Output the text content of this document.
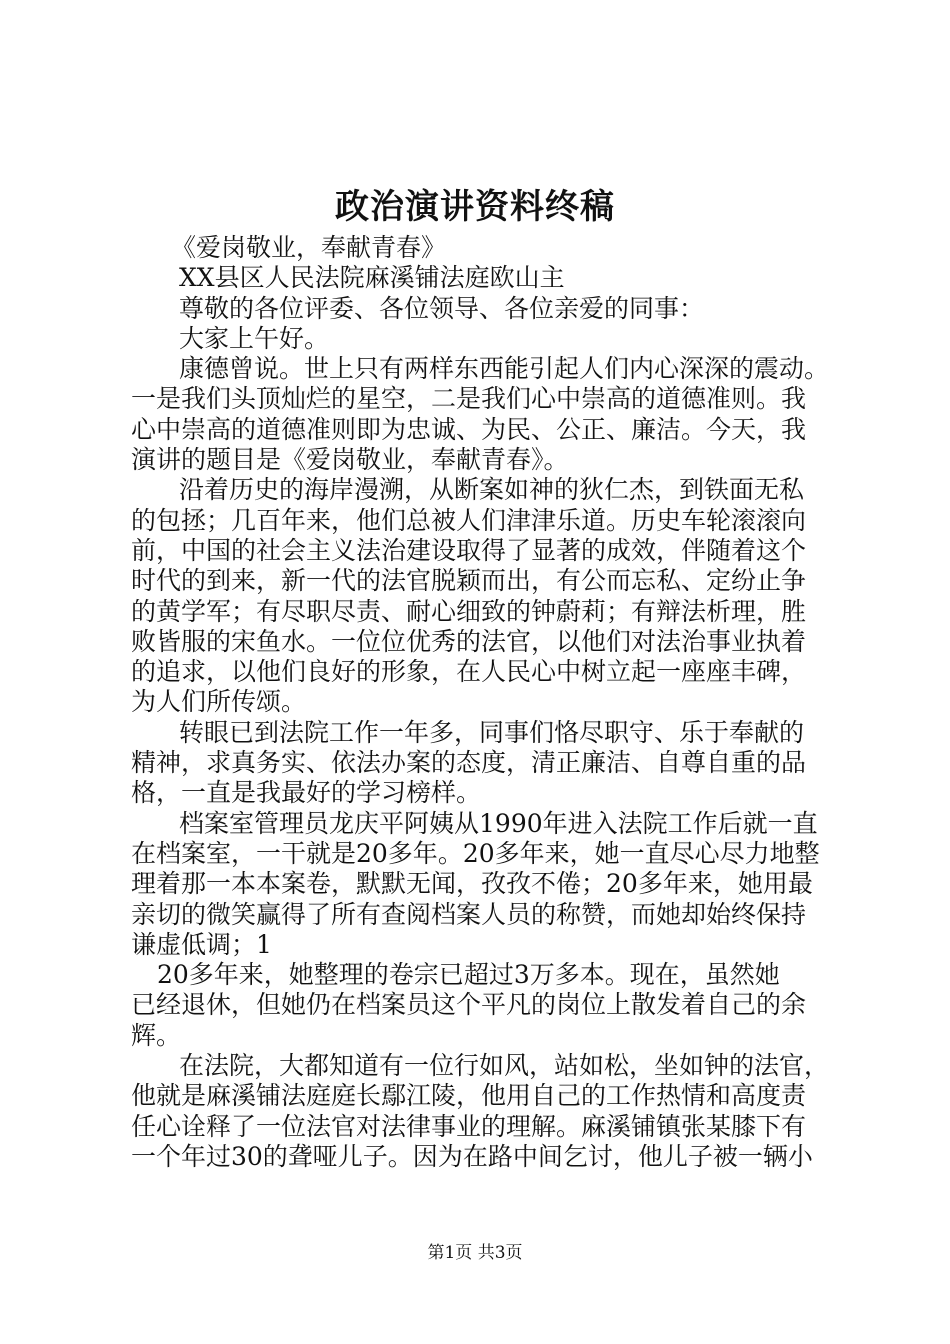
政治演讲资料终稿

《爱岗敬业，奉献青春》

XX县区人民法院麻溪铺法庭欧山主

尊敬的各位评委、各位领导、各位亲爱的同事：

大家上午好。

康德曾说。世上只有两样东西能引起人们内心深深的震动。

一是我们头顶灿烂的星空，二是我们心中崇高的道德准则。我

心中崇高的道德准则即为忠诚、为民、公正、廉洁。今天，我

演讲的题目是《爱岗敬业，奉献青春》。

沿着历史的海岸漫溯，从断案如神的狄仁杰，到铁面无私

的包拯；几百年来，他们总被人们津津乐道。历史车轮滚滚向

前，中国的社会主义法治建设取得了显著的成效，伴随着这个

时代的到来，新一代的法官脱颖而出，有公而忘私、定纷止争

的黄学军；有尽职尽责、耐心细致的钟蔚莉；有辩法析理，胜

败皆服的宋鱼水。一位位优秀的法官，以他们对法治事业执着

的追求，以他们良好的形象，在人民心中树立起一座座丰碑，

为人们所传颂。

转眼已到法院工作一年多，同事们恪尽职守、乐于奉献的

精神，求真务实、依法办案的态度，清正廉洁、自尊自重的品

格，一直是我最好的学习榜样。

档案室管理员龙庆平阿姨从1990年进入法院工作后就一直

在档案室，一干就是20多年。20多年来，她一直尽心尽力地整

理着那一本本案卷，默默无闻，孜孜不倦；20多年来，她用最

亲切的微笑赢得了所有查阅档案人员的称赞，而她却始终保持

谦虚低调；1

20多年来，她整理的卷宗已超过3万多本。现在，虽然她

已经退休，但她仍在档案员这个平凡的岗位上散发着自己的余

辉。

在法院，大都知道有一位行如风，站如松，坐如钟的法官，

他就是麻溪铺法庭庭长鄢江陵，他用自己的工作热情和高度责

任心诠释了一位法官对法律事业的理解。麻溪铺镇张某膝下有

一个年过30的聋哑儿子。因为在路中间乞讨，他儿子被一辆小

第1页 共3页
